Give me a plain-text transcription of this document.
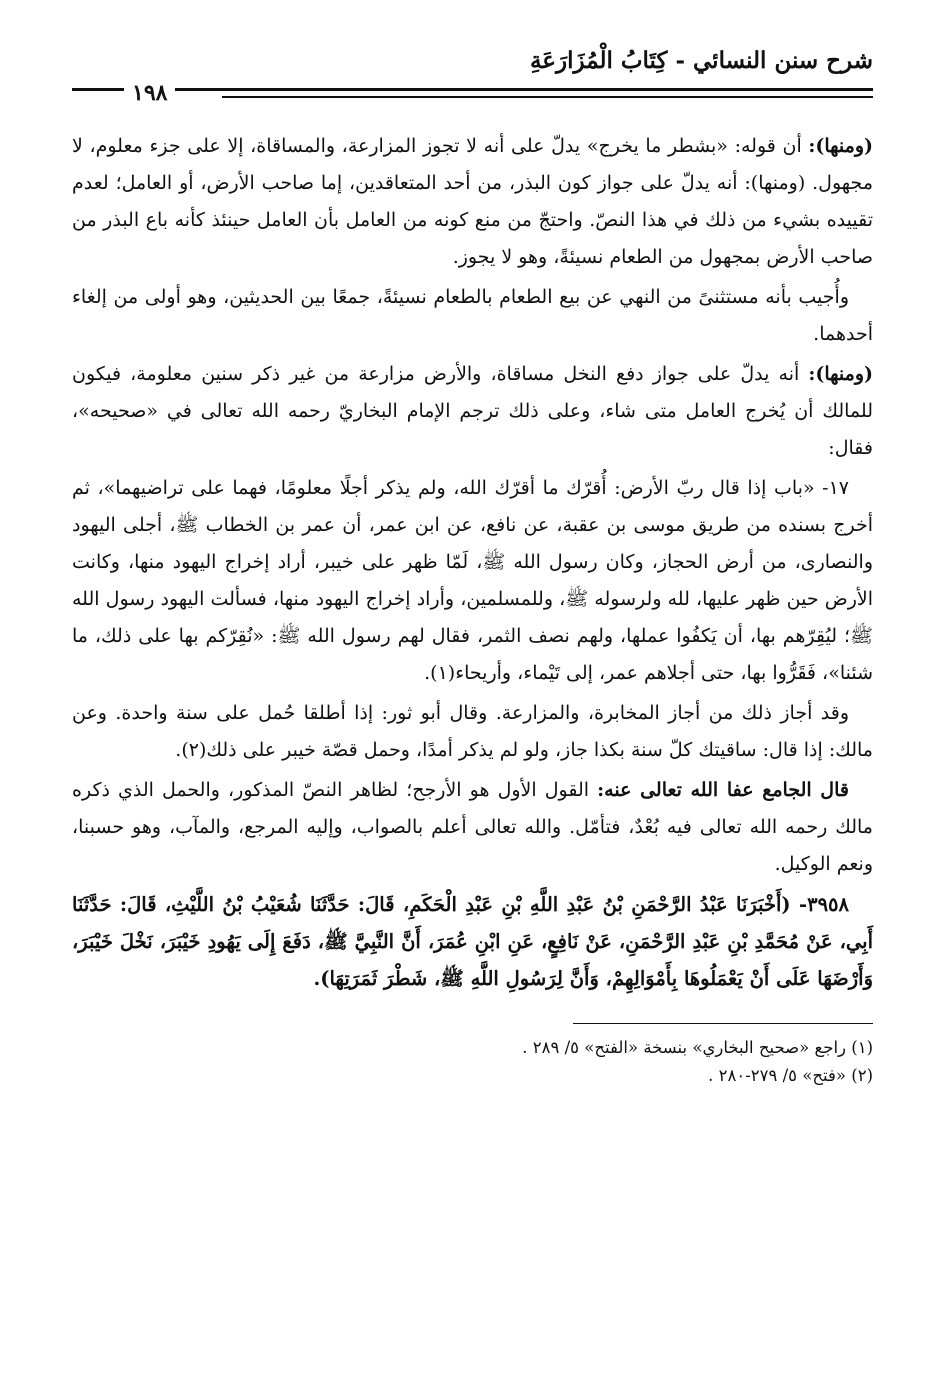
شرح سنن النسائي - كِتَابُ الْمُزَارَعَةِ
١٩٨

(ومنها): أن قوله: «بشطر ما يخرج» يدلّ على أنه لا تجوز المزارعة، والمساقاة، إلا على جزء معلوم، لا مجهول. (ومنها): أنه يدلّ على جواز كون البذر، من أحد المتعاقدين، إما صاحب الأرض، أو العامل؛ لعدم تقييده بشيء من ذلك في هذا النصّ. واحتجّ من منع كونه من العامل بأن العامل حينئذ كأنه باع البذر من صاحب الأرض بمجهول من الطعام نسيئةً، وهو لا يجوز.

وأُجيب بأنه مستثنىً من النهي عن بيع الطعام بالطعام نسيئةً، جمعًا بين الحديثين، وهو أولى من إلغاء أحدهما.

(ومنها): أنه يدلّ على جواز دفع النخل مساقاة، والأرض مزارعة من غير ذكر سنين معلومة، فيكون للمالك أن يُخرج العامل متى شاء، وعلى ذلك ترجم الإمام البخاريّ رحمه الله تعالى في «صحيحه»، فقال:

١٧- «باب إذا قال ربّ الأرض: أُقرّك ما أقرّك الله، ولم يذكر أجلًا معلومًا، فهما على تراضيهما»، ثم أخرج بسنده من طريق موسى بن عقبة، عن نافع، عن ابن عمر، أن عمر بن الخطاب ﷺ، أجلى اليهود والنصارى، من أرض الحجاز، وكان رسول الله ﷺ، لَمّا ظهر على خيبر، أراد إخراج اليهود منها، وكانت الأرض حين ظهر عليها، لله ولرسوله ﷺ، وللمسلمين، وأراد إخراج اليهود منها، فسألت اليهود رسول الله ﷺ؛ ليُقِرّهم بها، أن يَكفُوا عملها، ولهم نصف الثمر، فقال لهم رسول الله ﷺ: «نُقِرّكم بها على ذلك، ما شئنا»، فَقَرُّوا بها، حتى أجلاهم عمر، إلى تَيْماء، وأريحاء(١).

وقد أجاز ذلك من أجاز المخابرة، والمزارعة. وقال أبو ثور: إذا أطلقا حُمل على سنة واحدة. وعن مالك: إذا قال: ساقيتك كلّ سنة بكذا جاز، ولو لم يذكر أمدًا، وحمل قصّة خيبر على ذلك(٢).

قال الجامع عفا الله تعالى عنه: القول الأول هو الأرجح؛ لظاهر النصّ المذكور، والحمل الذي ذكره مالك رحمه الله تعالى فيه بُعْدٌ، فتأمّل. والله تعالى أعلم بالصواب، وإليه المرجع، والمآب، وهو حسبنا، ونعم الوكيل.

٣٩٥٨- (أَخْبَرَنَا عَبْدُ الرَّحْمَنِ بْنُ عَبْدِ اللَّهِ بْنِ عَبْدِ الْحَكَمِ، قَالَ: حَدَّثَنَا شُعَيْبُ بْنُ اللَّيْثِ، قَالَ: حَدَّثَنَا أَبِي، عَنْ مُحَمَّدِ بْنِ عَبْدِ الرَّحْمَنِ، عَنْ نَافِعٍ، عَنِ ابْنِ عُمَرَ، أَنَّ النَّبِيَّ ﷺ، دَفَعَ إِلَى يَهُودِ خَيْبَرَ، نَخْلَ خَيْبَرَ، وَأَرْضَهَا عَلَى أَنْ يَعْمَلُوهَا بِأَمْوَالِهِمْ، وَأَنَّ لِرَسُولِ اللَّهِ ﷺ، شَطْرَ ثَمَرَتِهَا).

(١) راجع «صحيح البخاري» بنسخة «الفتح» ٥/ ٢٨٩ .
(٢) «فتح» ٥/ ٢٧٩-٢٨٠ .
